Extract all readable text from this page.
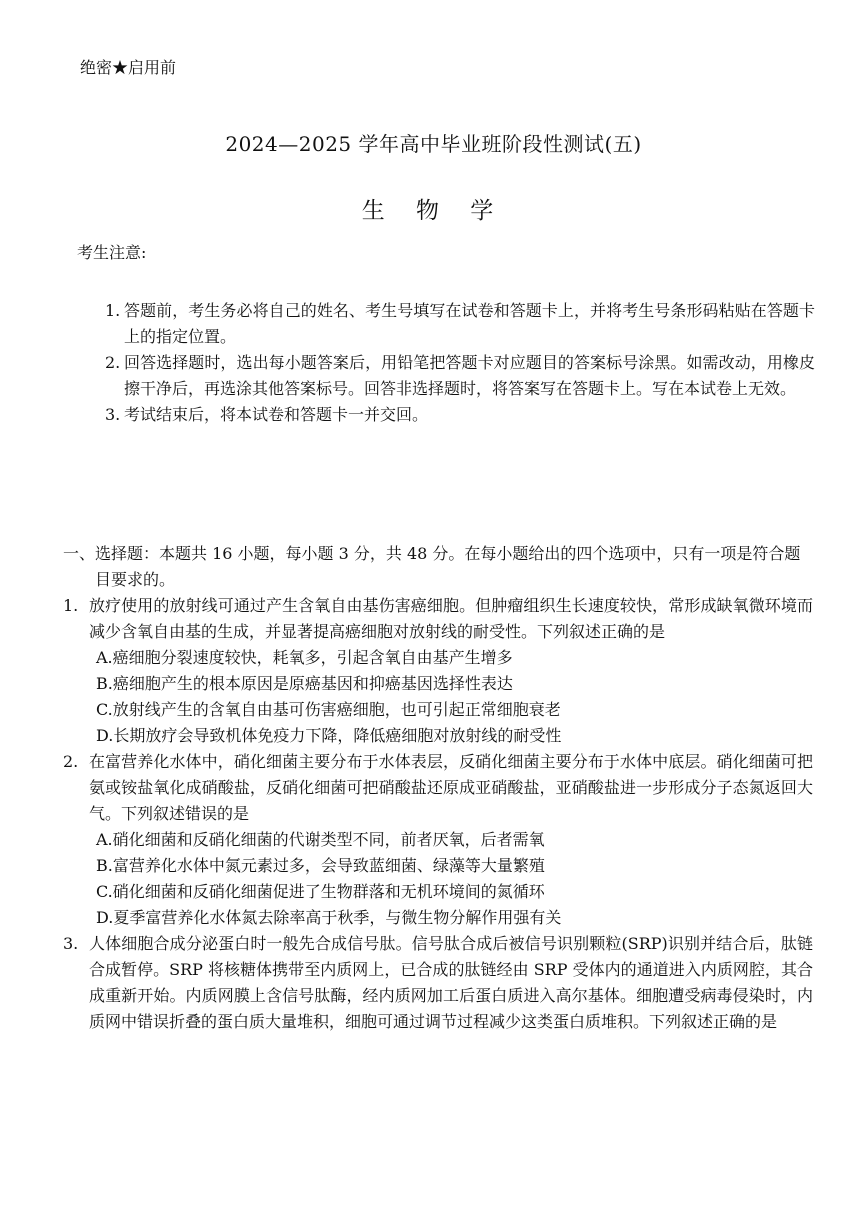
绝密★启用前
2024—2025 学年高中毕业班阶段性测试(五)
生 物 学
考生注意:
1. 答题前，考生务必将自己的姓名、考生号填写在试卷和答题卡上，并将考生号条形码粘贴在答题卡上的指定位置。
2. 回答选择题时，选出每小题答案后，用铅笔把答题卡对应题目的答案标号涂黑。如需改动，用橡皮擦干净后，再选涂其他答案标号。回答非选择题时，将答案写在答题卡上。写在本试卷上无效。
3. 考试结束后，将本试卷和答题卡一并交回。
一、 选择题：本题共 16 小题，每小题 3 分，共 48 分。在每小题给出的四个选项中，只有一项是符合题目要求的。
1. 放疗使用的放射线可通过产生含氧自由基伤害癌细胞。但肿瘤组织生长速度较快，常形成缺氧微环境而减少含氧自由基的生成，并显著提高癌细胞对放射线的耐受性。下列叙述正确的是
A.癌细胞分裂速度较快，耗氧多，引起含氧自由基产生增多
B.癌细胞产生的根本原因是原癌基因和抑癌基因选择性表达
C.放射线产生的含氧自由基可伤害癌细胞，也可引起正常细胞衰老
D.长期放疗会导致机体免疫力下降，降低癌细胞对放射线的耐受性
2. 在富营养化水体中，硝化细菌主要分布于水体表层，反硝化细菌主要分布于水体中底层。硝化细菌可把氨或铵盐氧化成硝酸盐，反硝化细菌可把硝酸盐还原成亚硝酸盐，亚硝酸盐进一步形成分子态氮返回大气。下列叙述错误的是
A.硝化细菌和反硝化细菌的代谢类型不同，前者厌氧，后者需氧
B.富营养化水体中氮元素过多，会导致蓝细菌、绿藻等大量繁殖
C.硝化细菌和反硝化细菌促进了生物群落和无机环境间的氮循环
D.夏季富营养化水体氮去除率高于秋季，与微生物分解作用强有关
3. 人体细胞合成分泌蛋白时一般先合成信号肽。信号肽合成后被信号识别颗粒(SRP)识别并结合后，肽链合成暂停。SRP 将核糖体携带至内质网上，已合成的肽链经由 SRP 受体内的通道进入内质网腔，其合成重新开始。内质网膜上含信号肽酶，经内质网加工后蛋白质进入高尔基体。细胞遭受病毒侵染时，内质网中错误折叠的蛋白质大量堆积，细胞可通过调节过程减少这类蛋白质堆积。下列叙述正确的是
